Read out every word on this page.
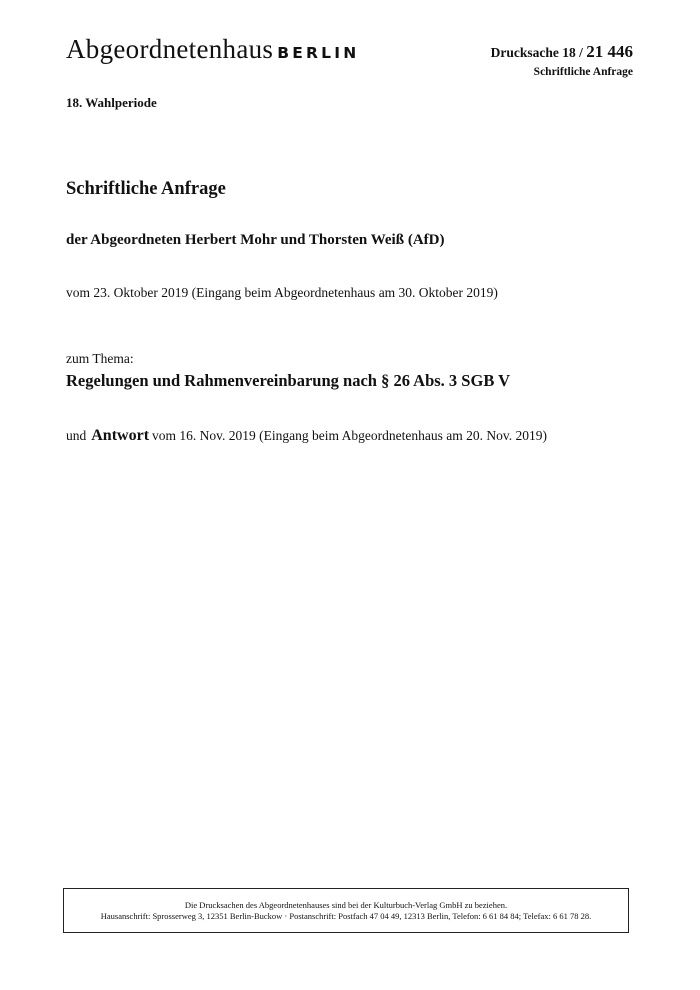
Abgeordnetenhaus BERLIN	Drucksache 18 / 21 446
Schriftliche Anfrage
18. Wahlperiode
Schriftliche Anfrage
der Abgeordneten Herbert Mohr und Thorsten Weiß (AfD)
vom 23. Oktober 2019 (Eingang beim Abgeordnetenhaus am 30. Oktober 2019)
zum Thema:
Regelungen und Rahmenvereinbarung nach § 26 Abs. 3 SGB V
und Antwort vom 16. Nov. 2019 (Eingang beim Abgeordnetenhaus am 20. Nov. 2019)
Die Drucksachen des Abgeordnetenhauses sind bei der Kulturbuch-Verlag GmbH zu beziehen.
Hausanschrift: Sprosserweg 3, 12351 Berlin-Buckow · Postanschrift: Postfach 47 04 49, 12313 Berlin, Telefon: 6 61 84 84; Telefax: 6 61 78 28.
